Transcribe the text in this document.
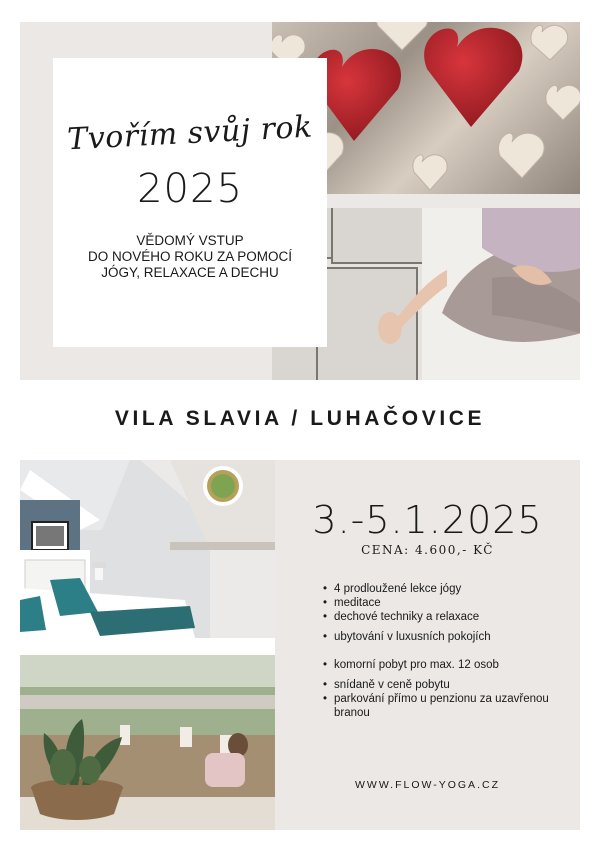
Tvořím svůj rok
2025
VĚDOMÝ VSTUP
DO NOVÉHO ROKU ZA POMOCÍ
JÓGY, RELAXACE A DECHU
VILA SLAVIA / LUHAČOVICE
3.-5.1.2025
CENA: 4.600,- KČ
• 4 prodloužené lekce jógy
• meditace
• dechové techniky a relaxace
• ubytování v luxusních pokojích
• komorní pobyt pro max. 12 osob
• snídaně v ceně pobytu
• parkování přímo u penzionu za uzavřenou branou
WWW.FLOW-YOGA.CZ
